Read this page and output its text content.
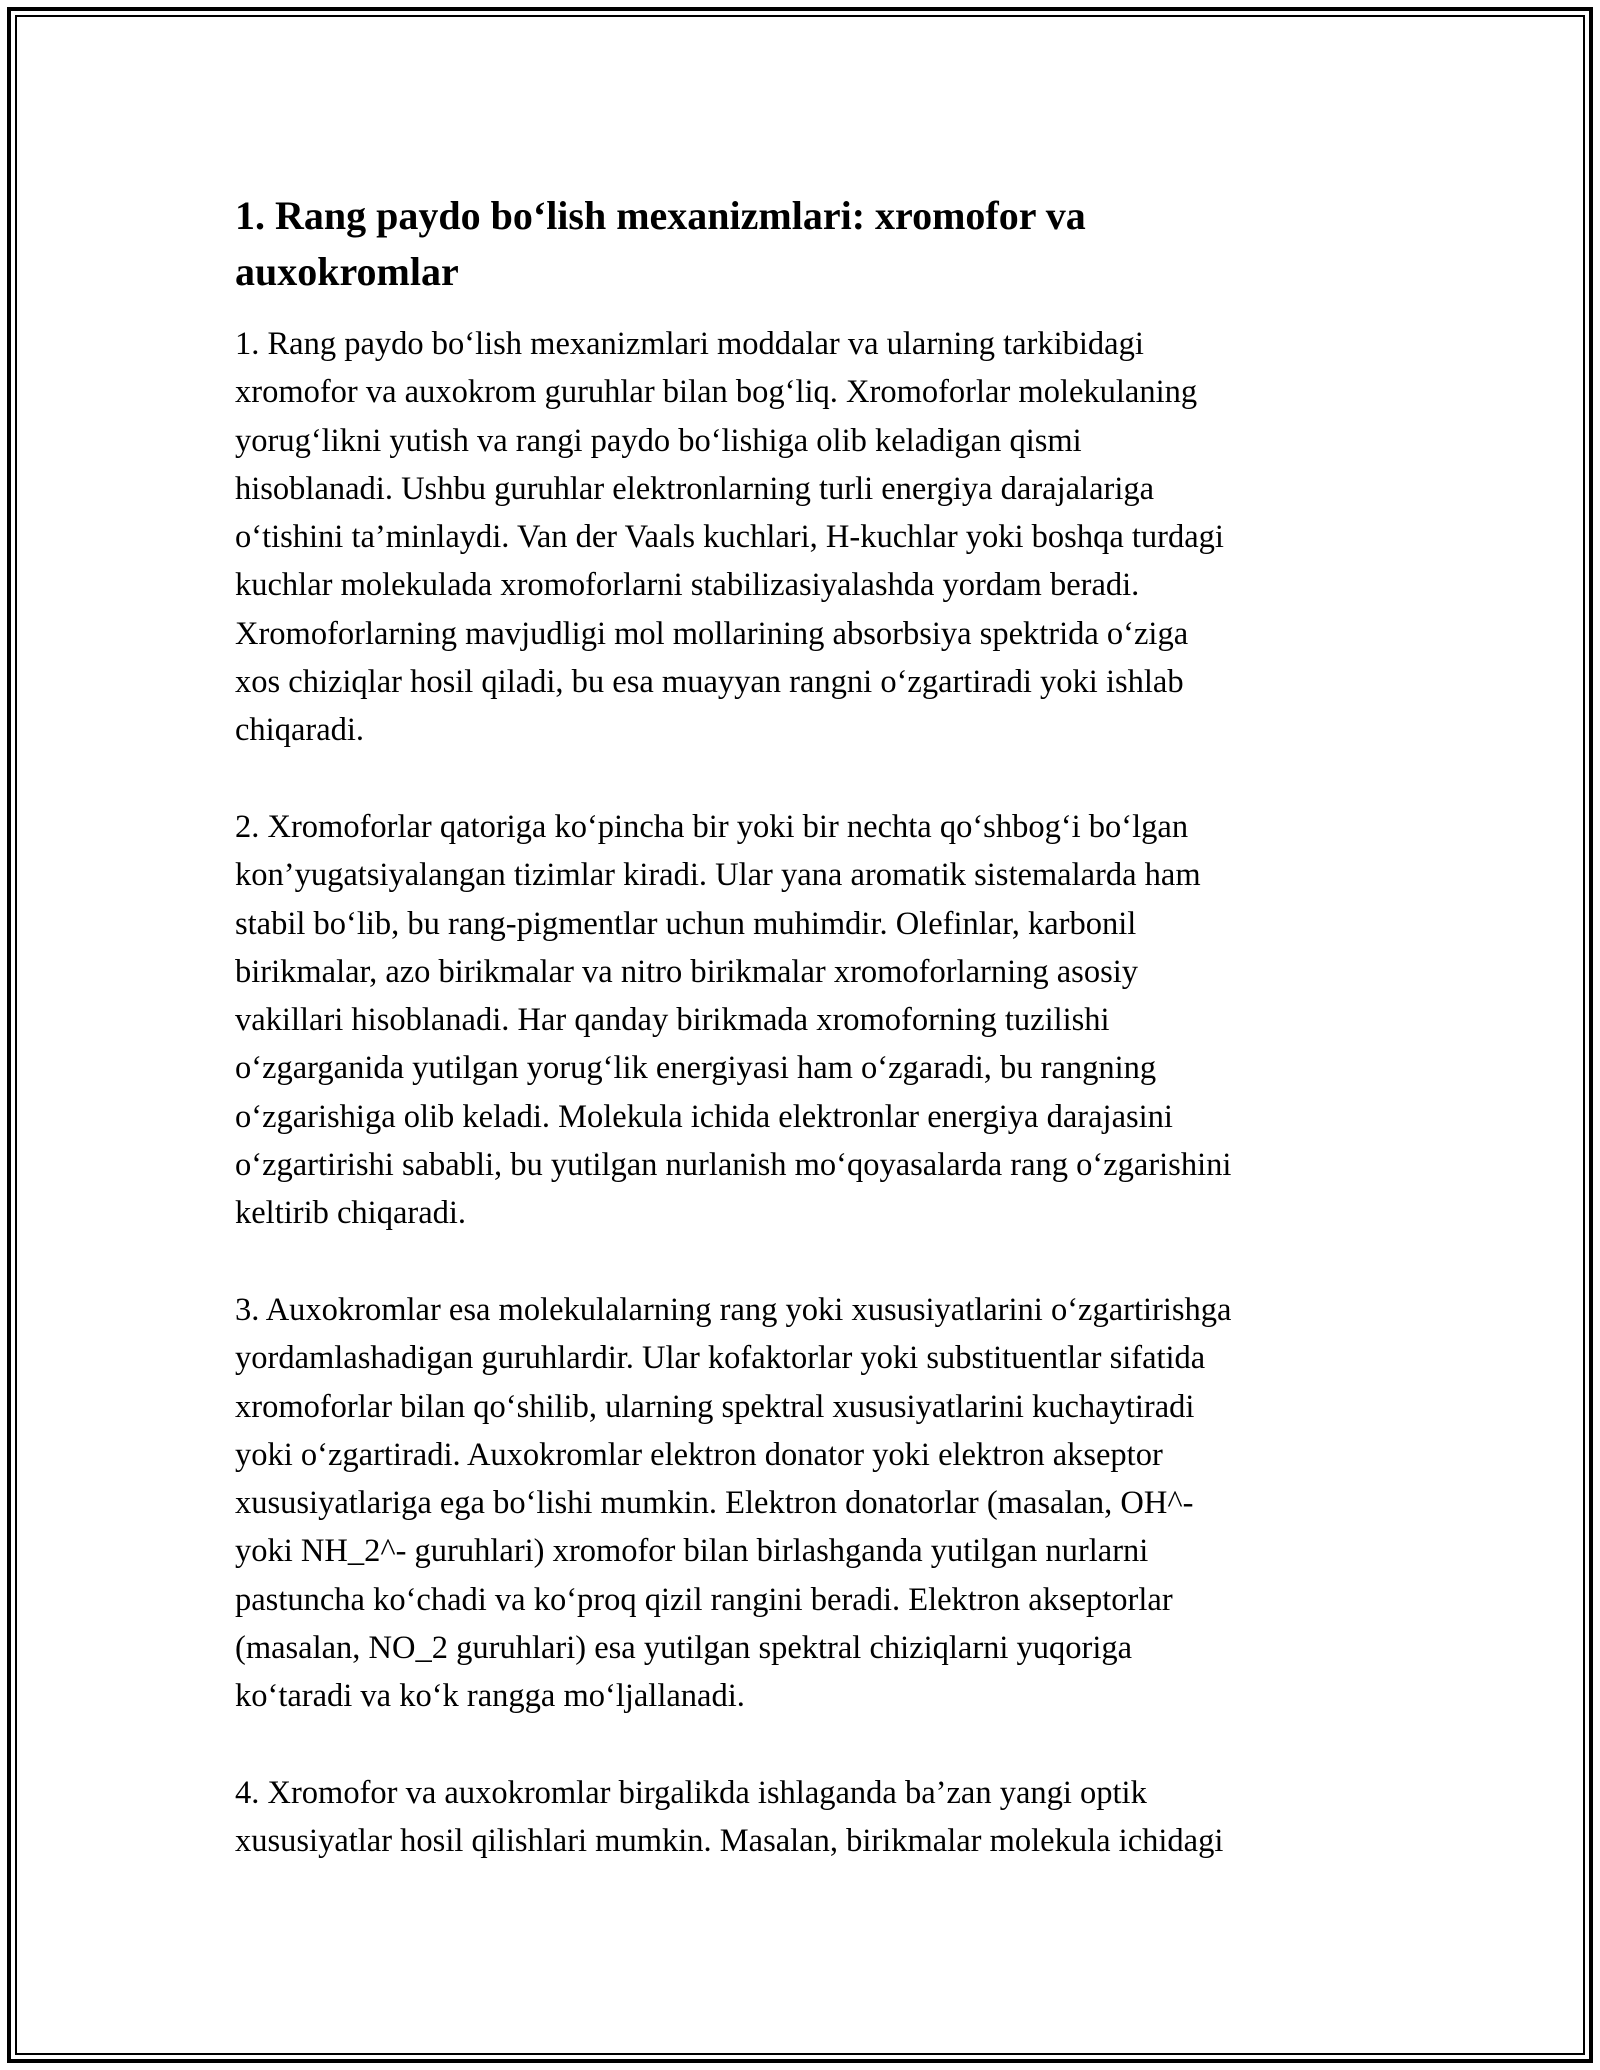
1. Rang paydo bo‘lish mexanizmlari: xromofor va auxokromlar
1. Rang paydo bo‘lish mexanizmlari moddalar va ularning tarkibidagi
xromofor va auxokrom guruhlar bilan bog‘liq. Xromoforlar molekulaning
yorug‘likni yutish va rangi paydo bo‘lishiga olib keladigan qismi
hisoblanadi. Ushbu guruhlar elektronlarning turli energiya darajalariga
o‘tishini ta’minlaydi. Van der Vaals kuchlari, H-kuchlar yoki boshqa turdagi
kuchlar molekulada xromoforlarni stabilizasiyalashda yordam beradi.
Xromoforlarning mavjudligi mol mollarining absorbsiya spektrida o‘ziga
xos chiziqlar hosil qiladi, bu esa muayyan rangni o‘zgartiradi yoki ishlab
chiqaradi.
2. Xromoforlar qatoriga ko‘pincha bir yoki bir nechta qo‘shbog‘i bo‘lgan
kon’yugatsiyalangan tizimlar kiradi. Ular yana aromatik sistemalarda ham
stabil bo‘lib, bu rang-pigmentlar uchun muhimdir. Olefinlar, karbonil
birikmalar, azo birikmalar va nitro birikmalar xromoforlarning asosiy
vakillari hisoblanadi. Har qanday birikmada xromoforning tuzilishi
o‘zgarganida yutilgan yorug‘lik energiyasi ham o‘zgaradi, bu rangning
o‘zgarishiga olib keladi. Molekula ichida elektronlar energiya darajasini
o‘zgartirishi sababli, bu yutilgan nurlanish mo‘qoyasalarda rang o‘zgarishini
keltirib chiqaradi.
3. Auxokromlar esa molekulalarning rang yoki xususiyatlarini o‘zgartirishga
yordamlashadigan guruhlardir. Ular kofaktorlar yoki substituentlar sifatida
xromoforlar bilan qo‘shilib, ularning spektral xususiyatlarini kuchaytiradi
yoki o‘zgartiradi. Auxokromlar elektron donator yoki elektron akseptor
xususiyatlariga ega bo‘lishi mumkin. Elektron donatorlar (masalan, OH^-
yoki NH_2^- guruhlari) xromofor bilan birlashganda yutilgan nurlarni
pastuncha ko‘chadi va ko‘proq qizil rangini beradi. Elektron akseptorlar
(masalan, NO_2 guruhlari) esa yutilgan spektral chiziqlarni yuqoriga
ko‘taradi va ko‘k rangga mo‘ljallanadi.
4. Xromofor va auxokromlar birgalikda ishlaganda ba’zan yangi optik
xususiyatlar hosil qilishlari mumkin. Masalan, birikmalar molekula ichidagi
